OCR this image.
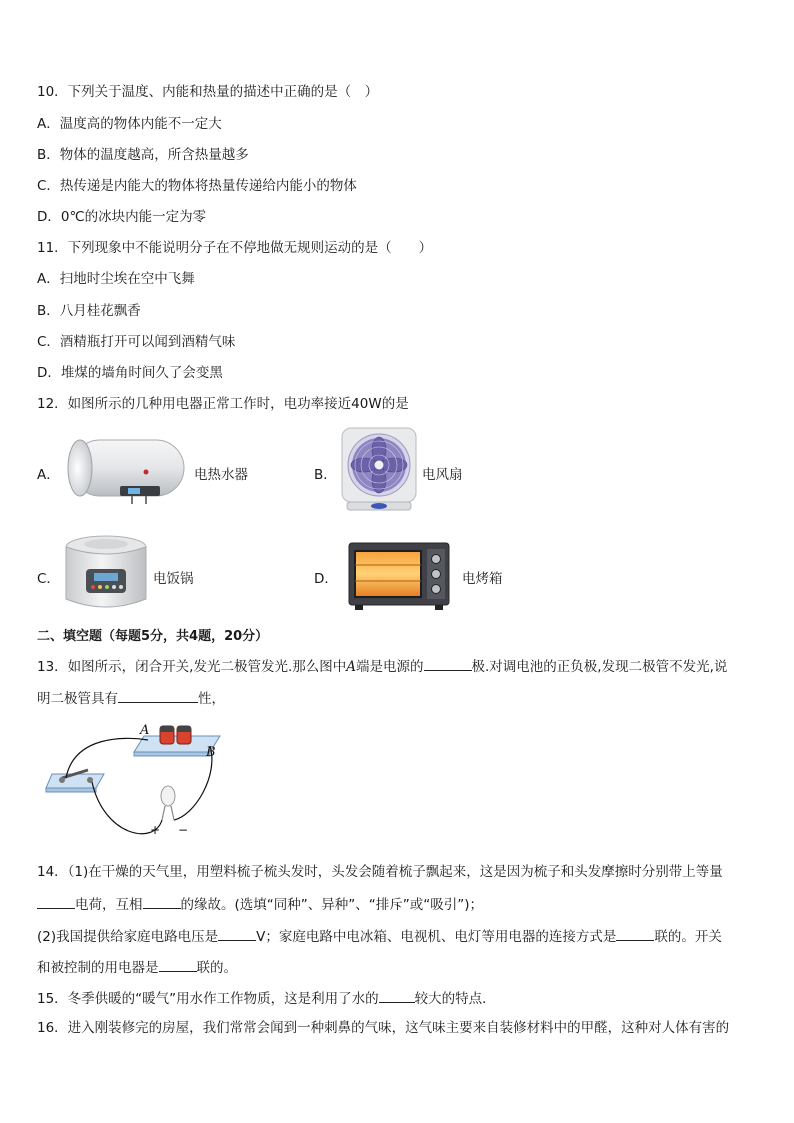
10．下列关于温度、内能和热量的描述中正确的是（　）
A．温度高的物体内能不一定大
B．物体的温度越高，所含热量越多
C．热传递是内能大的物体将热量传递给内能小的物体
D．0℃的冰块内能一定为零
11．下列现象中不能说明分子在不停地做无规则运动的是（　　）
A．扫地时尘埃在空中飞舞
B．八月桂花飘香
C．酒精瓶打开可以闻到酒精气味
D．堆煤的墙角时间久了会变黑
12．如图所示的几种用电器正常工作时，电功率接近40W的是
A．	电热水器	B．	电风扇
C．	电饭锅	D．	电烤箱
二、填空题（每题5分，共4题，20分）
13．如图所示，闭合开关,发光二极管发光.那么图中A端是电源的	极.对调电池的正负极,发现二极管不发光,说
明二极管具有	性，
A
B
+ −
14．（1)在干燥的天气里，用塑料梳子梳头发时，头发会随着梳子飘起来，这是因为梳子和头发摩擦时分别带上等量
电荷，互相	的缘故。(选填“同种”、异种”、“排斥”或“吸引”)；
(2)我国提供给家庭电路电压是	V；家庭电路中电冰箱、电视机、电灯等用电器的连接方式是	联的。开关
和被控制的用电器是	联的。
15．冬季供暖的“暖气”用水作工作物质，这是利用了水的	较大的特点．
16．进入刚装修完的房屋，我们常常会闻到一种刺鼻的气味，这气味主要来自装修材料中的甲醛，这种对人体有害的
